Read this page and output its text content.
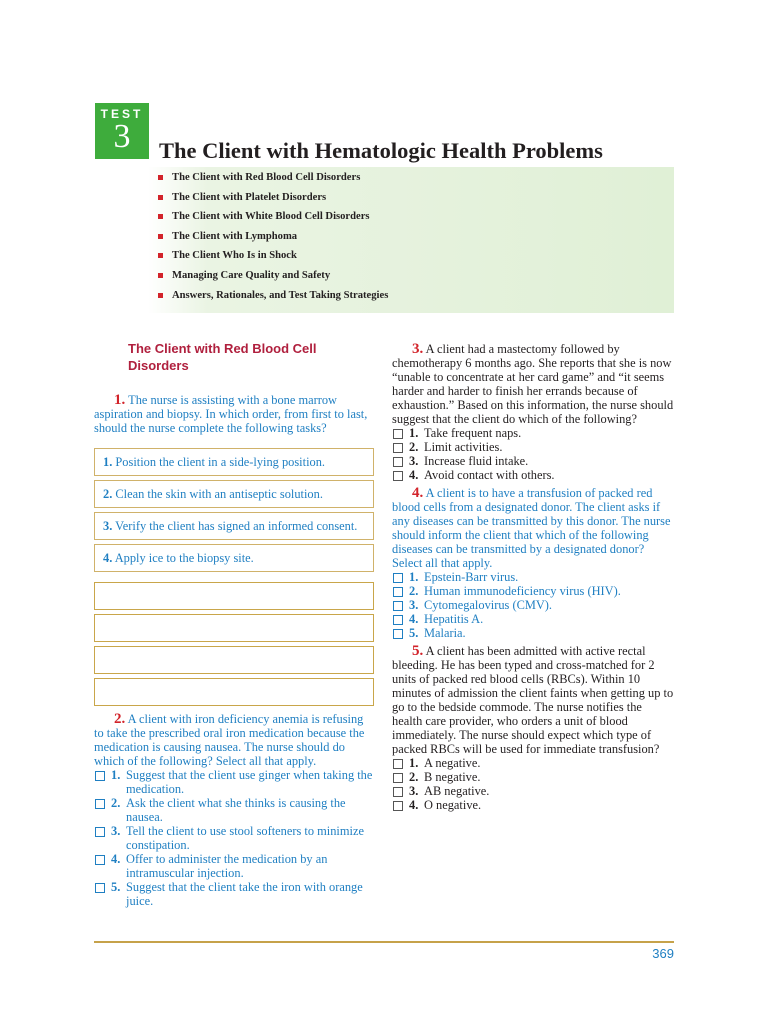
TEST
3	The Client with Hematologic Health Problems
The Client with Red Blood Cell Disorders
The Client with Platelet Disorders
The Client with White Blood Cell Disorders
The Client with Lymphoma
The Client Who Is in Shock
Managing Care Quality and Safety
Answers, Rationales, and Test Taking Strategies
The Client with Red Blood Cell Disorders

1. The nurse is assisting with a bone marrow aspiration and biopsy. In which order, from first to last, should the nurse complete the following tasks?

1. Position the client in a side-lying position.
2. Clean the skin with an antiseptic solution.
3. Verify the client has signed an informed consent.
4. Apply ice to the biopsy site.

2. A client with iron deficiency anemia is refusing to take the prescribed oral iron medication because the medication is causing nausea. The nurse should do which of the following? Select all that apply.

1. Suggest that the client use ginger when taking the medication.
2. Ask the client what she thinks is causing the nausea.
3. Tell the client to use stool softeners to minimize constipation.
4. Offer to administer the medication by an intramuscular injection.
5. Suggest that the client take the iron with orange juice.

3. A client had a mastectomy followed by chemotherapy 6 months ago. She reports that she is now “unable to concentrate at her card game” and “it seems harder and harder to finish her errands because of exhaustion.” Based on this information, the nurse should suggest that the client do which of the following?

1. Take frequent naps.
2. Limit activities.
3. Increase fluid intake.
4. Avoid contact with others.

4. A client is to have a transfusion of packed red blood cells from a designated donor. The client asks if any diseases can be transmitted by this donor. The nurse should inform the client that which of the following diseases can be transmitted by a designated donor? Select all that apply.

1. Epstein-Barr virus.
2. Human immunodeficiency virus (HIV).
3. Cytomegalovirus (CMV).
4. Hepatitis A.
5. Malaria.

5. A client has been admitted with active rectal bleeding. He has been typed and cross-matched for 2 units of packed red blood cells (RBCs). Within 10 minutes of admission the client faints when getting up to go to the bedside commode. The nurse notifies the health care provider, who orders a unit of blood immediately. The nurse should expect which type of packed RBCs will be used for immediate transfusion?

1. A negative.
2. B negative.
3. AB negative.
4. O negative.
369
